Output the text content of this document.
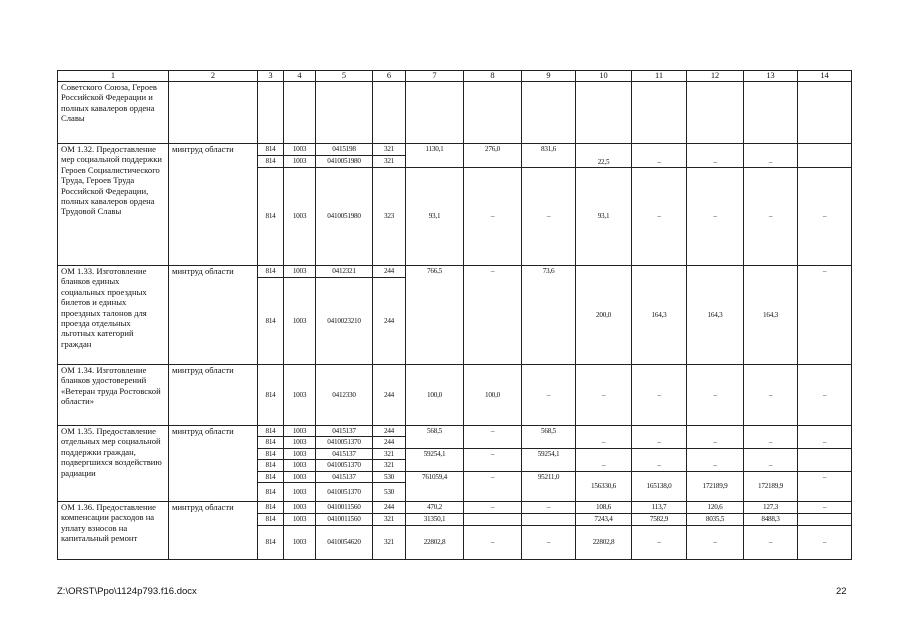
1	2	3	4	5	6	7	8	9	10	11	12	13	14
Советского Союза, Героев Российской Федерации и полных кавалеров ордена Славы													
ОМ 1.32. Предоставление мер социальной поддержки Героев Социалистического Труда, Героев Труда Российской Федерации, полных кавалеров ордена Трудовой Славы	минтруд области	814	1003	0415198	321	1130,1	276,0	831,6	22,5	–	–	–	
		814	1003	0410051980	321								
		814	1003	0410051980	323	93,1	–	–	93,1	–	–	–	–
ОМ 1.33. Изготовление бланков единых социальных проездных билетов и единых проездных талонов для проезда отдельных льготных категорий граждан	минтруд области	814	1003	0412321	244	766,5	–	73,6	200,0	164,3	164,3	164,3	–
		814	1003	0410023210	244								
ОМ 1.34. Изготовление бланков удостоверений «Ветеран труда Ростовской области»	минтруд области	814	1003	0412330	244	100,0	100,0	–	–	–	–	–	–
ОМ 1.35. Предоставление отдельных мер социальной поддержки граждан, подвергшихся воздействию радиации	минтруд области	814	1003	0415137	244	568,5	–	568,5	–	–	–	–	–
		814	1003	0410051370	244								
		814	1003	0415137	321	59254,1	–	59254,1	–	–	–	–	
		814	1003	0410051370	321								
		814	1003	0415137	530	761059,4	–	95211,0	156330,6	165138,0	172189,9	172189,9	–
		814	1003	0410051370	530								
ОМ 1.36. Предоставление компенсации расходов на уплату взносов на капитальный ремонт	минтруд области	814	1003	0410011560	244	470,2	–	–	108,6	113,7	120,6	127,3	–
		814	1003	0410011560	321	31350,1			7243,4	7582,9	8035,5	8488,3	
		814	1003	0410054620	321	22802,8	–	–	22802,8	–	–	–	–
Z:\ORST\Ppo\1124p793.f16.docx	22
